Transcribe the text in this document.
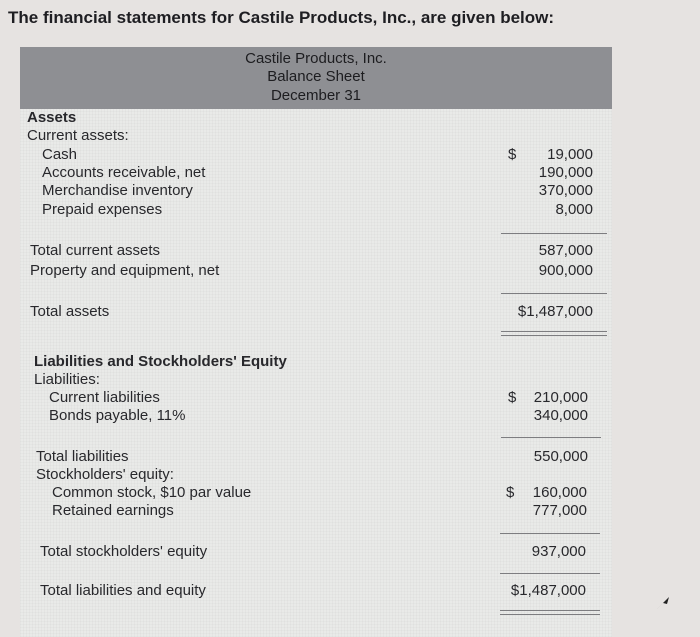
The financial statements for Castile Products, Inc., are given below:
Castile Products, Inc.
Balance Sheet
December 31
Assets
Current assets:
Cash	$	19,000
Accounts receivable, net	190,000
Merchandise inventory	370,000
Prepaid expenses	8,000
Total current assets	587,000
Property and equipment, net	900,000
Total assets	$1,487,000
Liabilities and Stockholders' Equity
Liabilities:
Current liabilities	$	210,000
Bonds payable, 11%	340,000
Total liabilities	550,000
Stockholders' equity:
Common stock, $10 par value	$	160,000
Retained earnings	777,000
Total stockholders' equity	937,000
Total liabilities and equity	$1,487,000
